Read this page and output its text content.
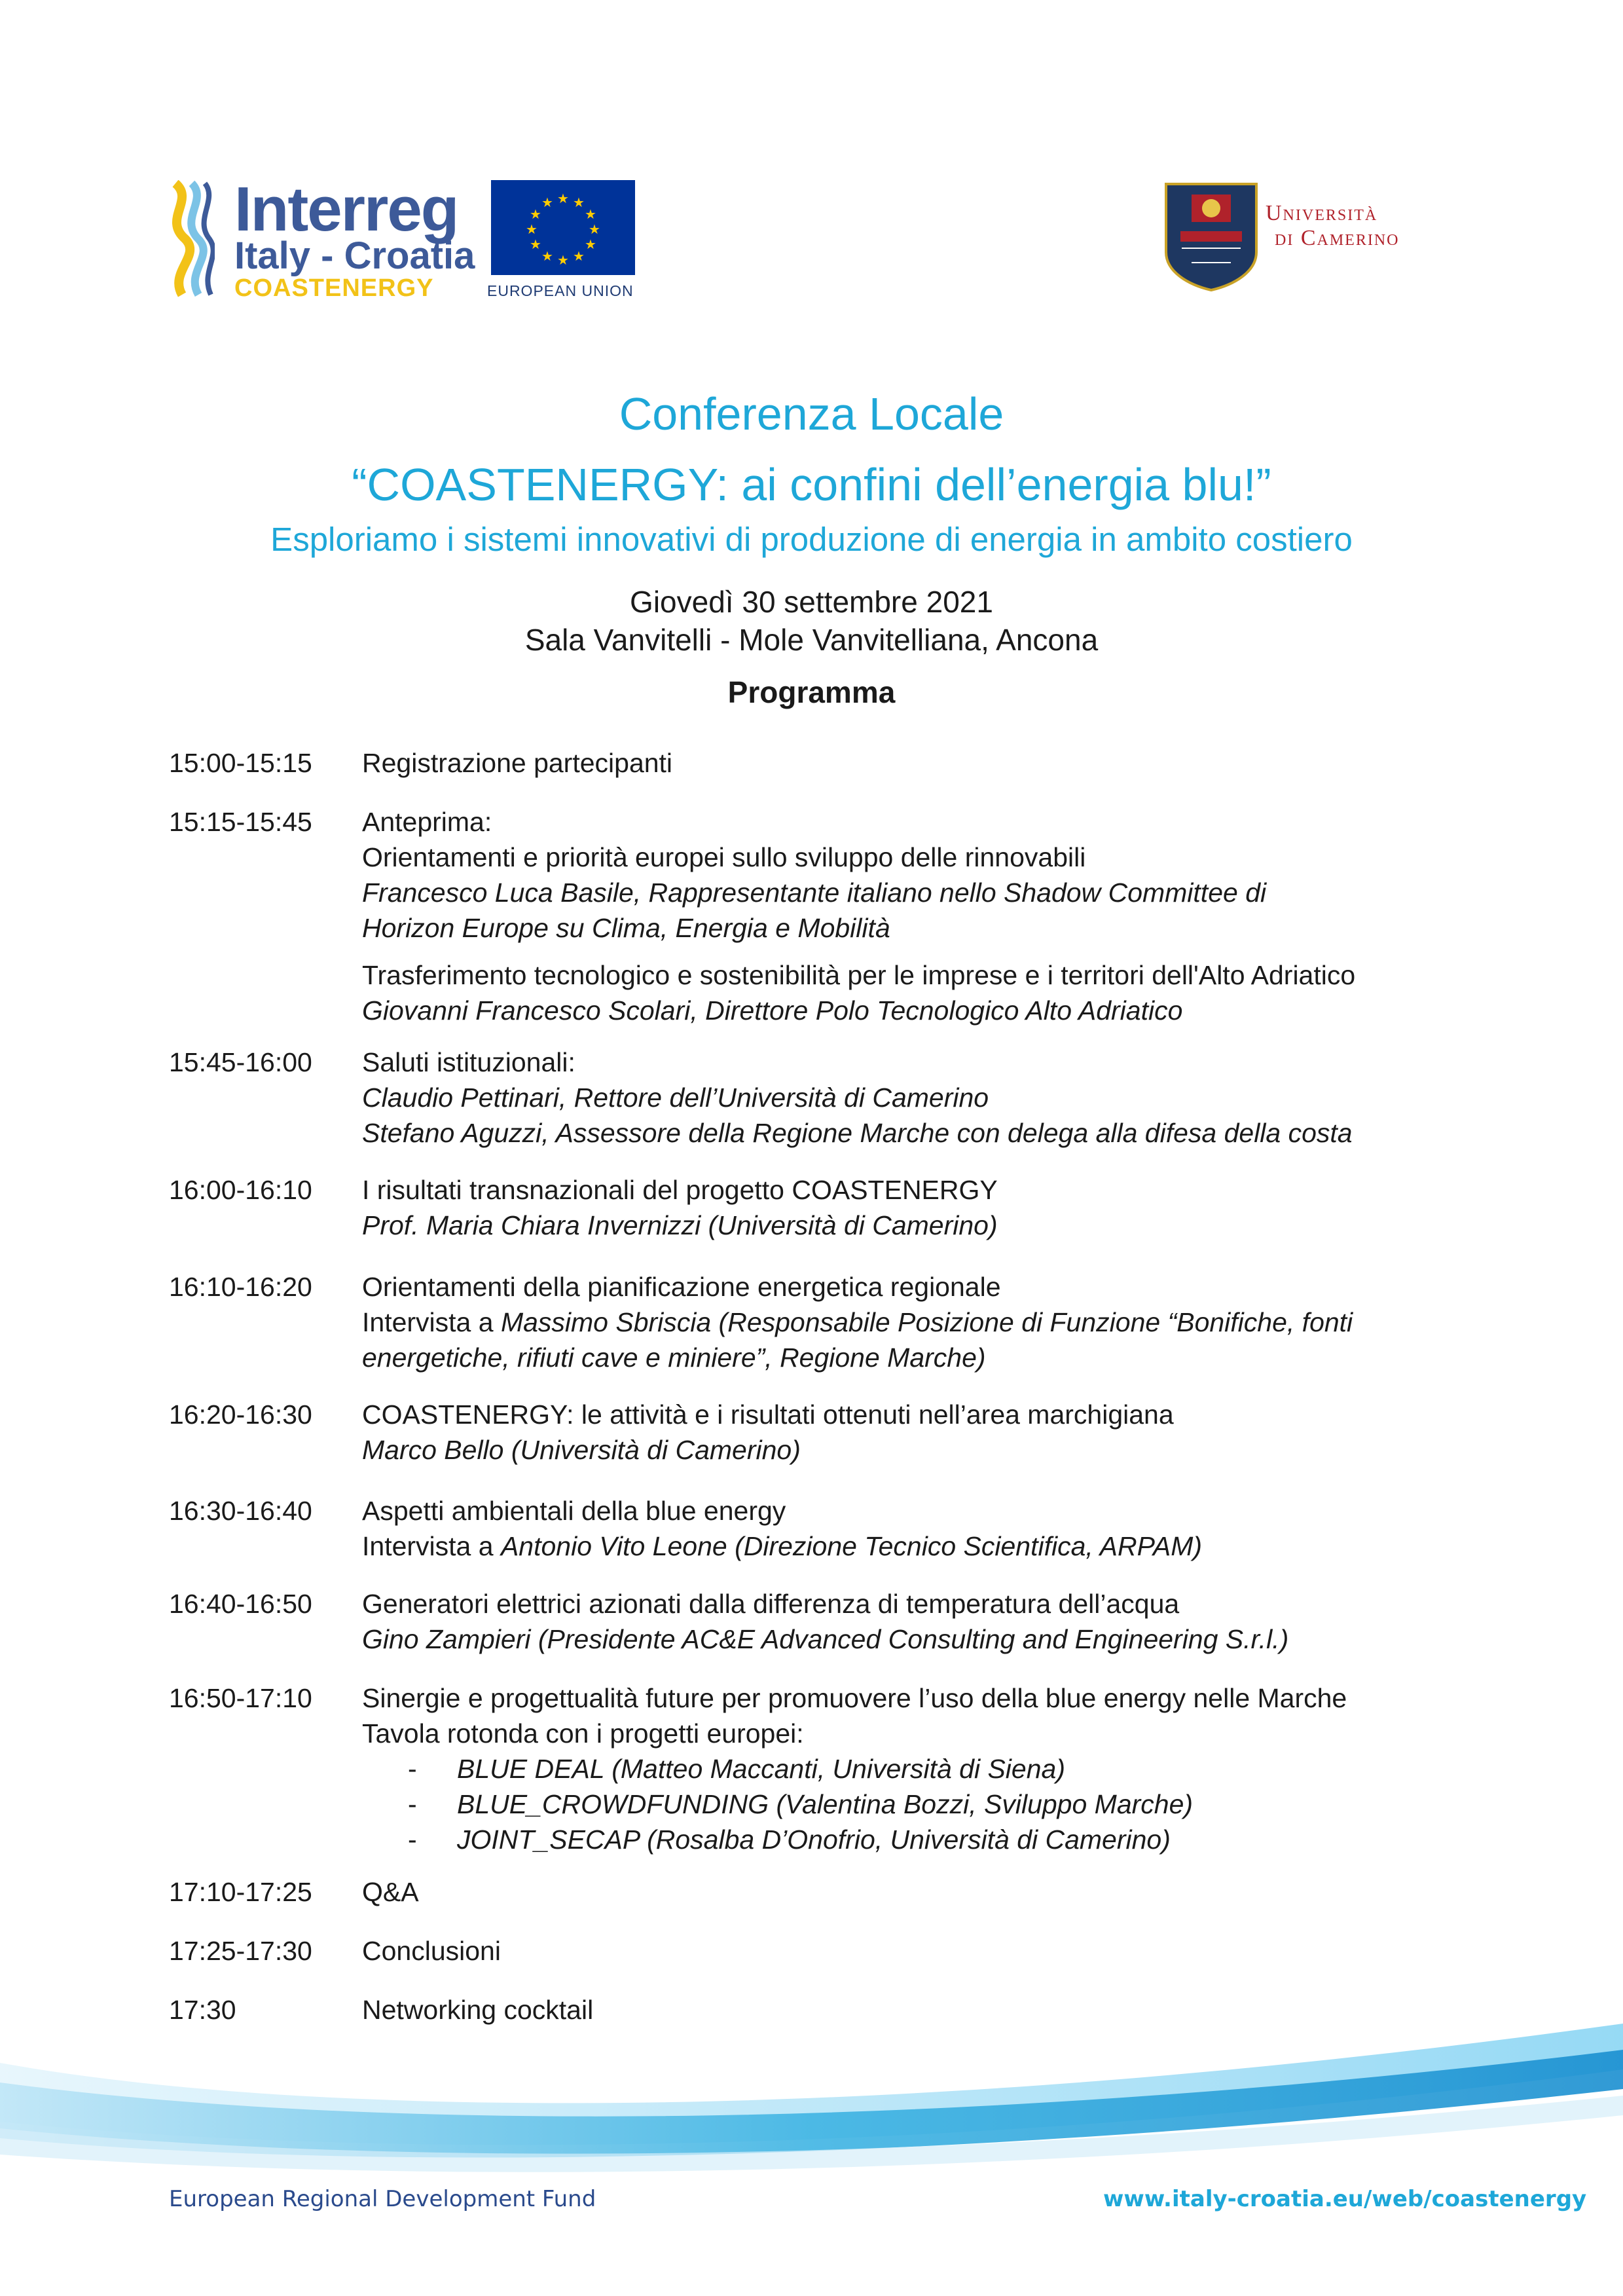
Interreg
Italy - Croatia
COASTENERGY
★ ★
★
★
★
★
★
★
★
★
★
★
EUROPEAN UNION
Università
di Camerino
Conferenza Locale
“COASTENERGY: ai confini dell’energia blu!”
Esploriamo i sistemi innovativi di produzione di energia in ambito costiero
Giovedì 30 settembre 2021
Sala Vanvitelli - Mole Vanvitelliana, Ancona
Programma
15:00-15:15	Registrazione partecipanti
15:15-15:45	Anteprima:
Orientamenti e priorità europei sullo sviluppo delle rinnovabili
Francesco Luca Basile, Rappresentante italiano nello Shadow Committee di
Horizon Europe su Clima, Energia e Mobilità
Trasferimento tecnologico e sostenibilità per le imprese e i territori dell'Alto Adriatico
Giovanni Francesco Scolari, Direttore Polo Tecnologico Alto Adriatico
15:45-16:00	Saluti istituzionali:
Claudio Pettinari, Rettore dell’Università di Camerino
Stefano Aguzzi, Assessore della Regione Marche con delega alla difesa della costa
16:00-16:10	I risultati transnazionali del progetto COASTENERGY
Prof. Maria Chiara Invernizzi (Università di Camerino)
16:10-16:20	Orientamenti della pianificazione energetica regionale
Intervista a Massimo Sbriscia (Responsabile Posizione di Funzione “Bonifiche, fonti
energetiche, rifiuti cave e miniere”, Regione Marche)
16:20-16:30	COASTENERGY: le attività e i risultati ottenuti nell’area marchigiana
Marco Bello (Università di Camerino)
16:30-16:40	Aspetti ambientali della blue energy
Intervista a Antonio Vito Leone (Direzione Tecnico Scientifica, ARPAM)
16:40-16:50	Generatori elettrici azionati dalla differenza di temperatura dell’acqua
Gino Zampieri (Presidente AC&E Advanced Consulting and Engineering S.r.l.)
16:50-17:10	Sinergie e progettualità future per promuovere l’uso della blue energy nelle Marche
Tavola rotonda con i progetti europei:
- BLUE DEAL (Matteo Maccanti, Università di Siena)
- BLUE_CROWDFUNDING (Valentina Bozzi, Sviluppo Marche)
- JOINT_SECAP (Rosalba D’Onofrio, Università di Camerino)
17:10-17:25	Q&A
17:25-17:30	Conclusioni
17:30	Networking cocktail
European Regional Development Fund	www.italy-croatia.eu/web/coastenergy
